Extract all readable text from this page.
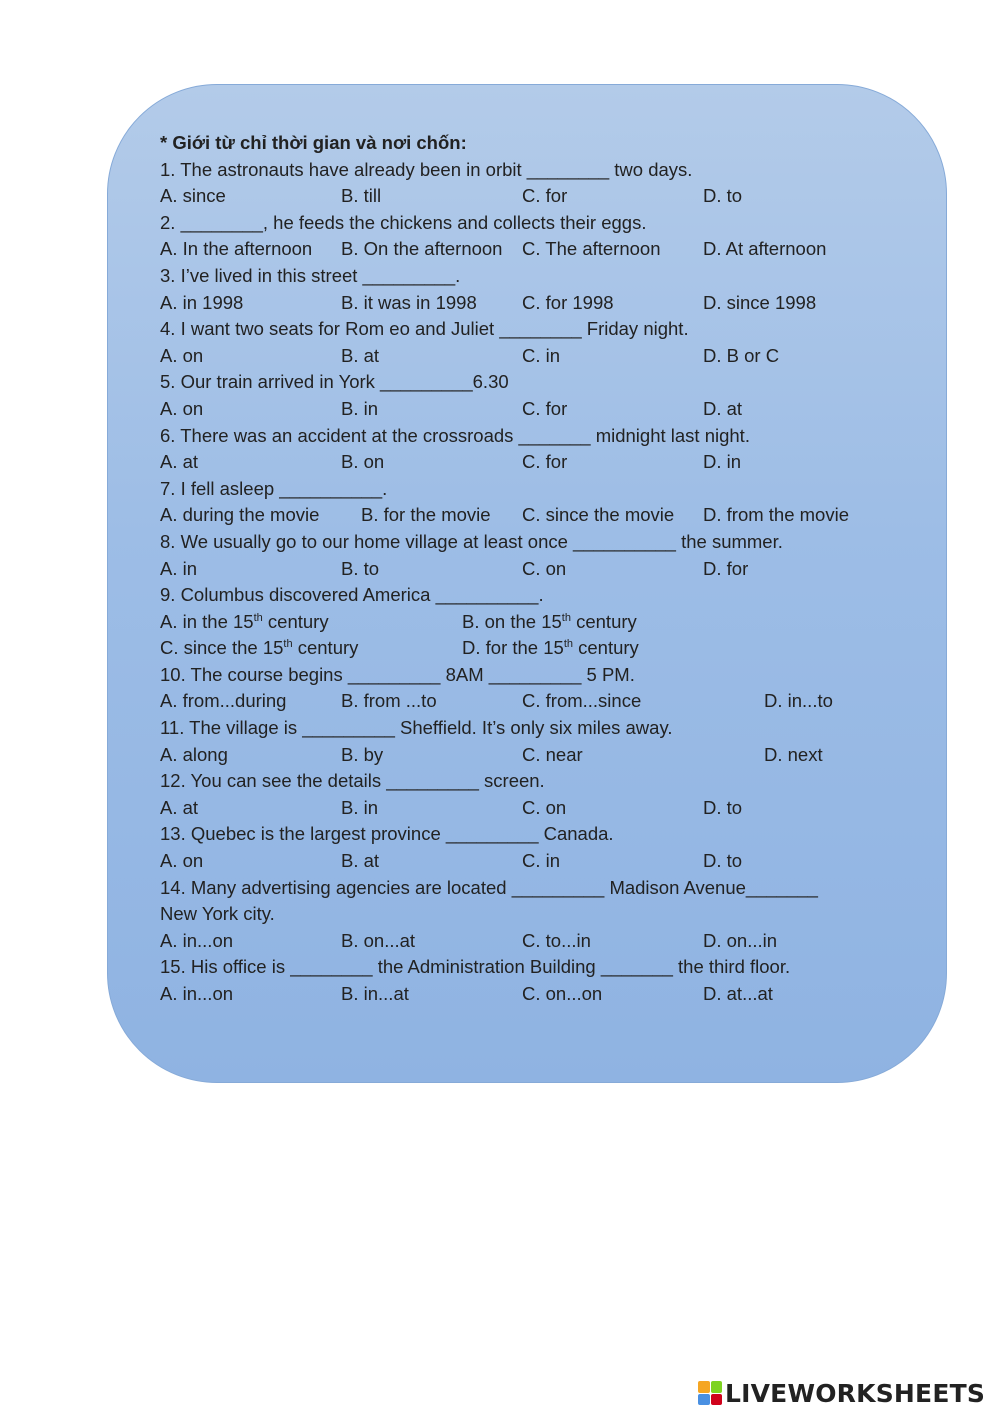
* Giới từ chỉ thời gian và nơi chốn:
1. The astronauts have already been in orbit ________ two days.
A. since	B. till	C. for	D. to
2. ________, he feeds the chickens and collects their eggs.
A. In the afternoon B. On the afternoon C. The afternoon D. At afternoon
3. I’ve lived in this street _________.
A. in 1998	B. it was in 1998 C. for 1998	D. since 1998
4. I want two seats for Rom eo and Juliet ________ Friday night.
A. on	B. at	C. in	D. B or C
5. Our train arrived in York _________6.30
A. on	B. in	C. for	D. at
6. There was an accident at the crossroads _______ midnight last night.
A. at	B. on	C. for	D. in
7. I fell asleep __________.
A. during the movie B. for the movie C. since the movie D. from the movie
8. We usually go to our home village at least once __________ the summer.
A. in	B. to	C. on	D. for
9. Columbus discovered America __________.
A. in the 15th century	B. on the 15th century
C. since the 15th century	D. for the 15th century
10. The course begins _________ 8AM _________ 5 PM.
A. from...during	B. from ...to	C. from...since	D. in...to
11. The village is _________ Sheffield. It’s only six miles away.
A. along	B. by	C. near	D. next
12. You can see the details _________ screen.
A. at	B. in	C. on	D. to
13. Quebec is the largest province _________ Canada.
A. on	B. at	C. in	D. to
14. Many advertising agencies are located _________ Madison Avenue_______
New York city.
A. in...on	B. on...at	C. to...in	D. on...in
15. His office is ________ the Administration Building _______ the third floor.
A. in...on	B. in...at	C. on...on	D. at...at
LIVEWORKSHEETS
